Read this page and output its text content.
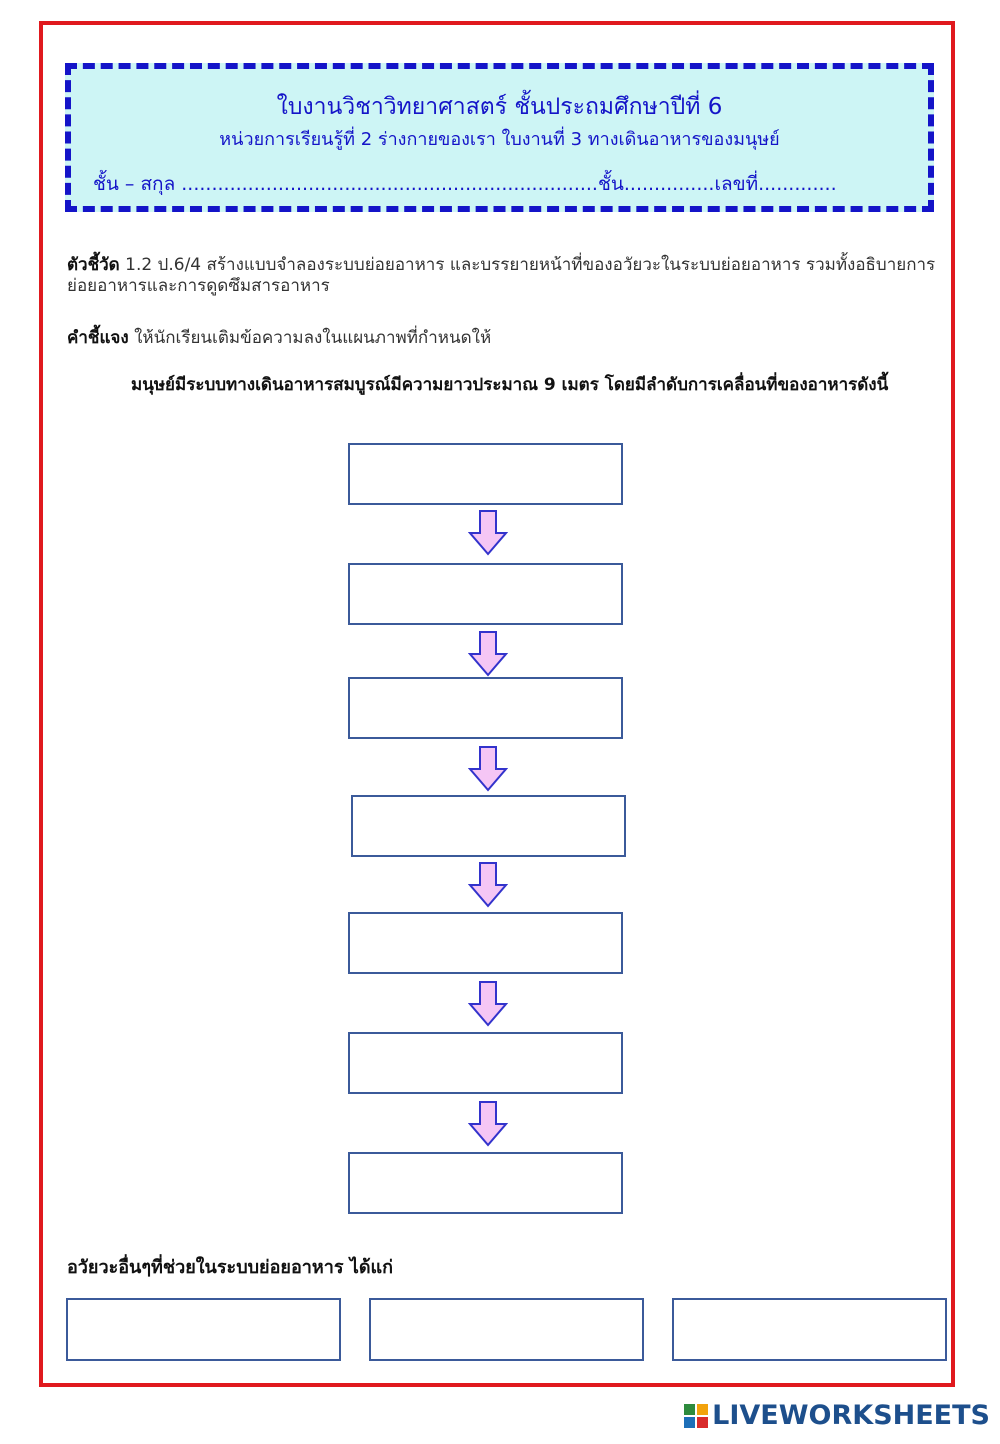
ใบงานวิชาวิทยาศาสตร์ ชั้นประถมศึกษาปีที่ 6
หน่วยการเรียนรู้ที่ 2 ร่างกายของเรา ใบงานที่ 3 ทางเดินอาหารของมนุษย์
ชั้น – สกุล .....................................................................ชั้น...............เลขที่.............
ตัวชี้วัด 1.2 ป.6/4 สร้างแบบจำลองระบบย่อยอาหาร และบรรยายหน้าที่ของอวัยวะในระบบย่อยอาหาร รวมทั้งอธิบายการย่อยอาหารและการดูดซึมสารอาหาร
คำชี้แจง ให้นักเรียนเติมข้อความลงในแผนภาพที่กำหนดให้
มนุษย์มีระบบทางเดินอาหารสมบูรณ์มีความยาวประมาณ 9 เมตร โดยมีลำดับการเคลื่อนที่ของอาหารดังนี้
อวัยวะอื่นๆที่ช่วยในระบบย่อยอาหาร ได้แก่
LIVEWORKSHEETS
